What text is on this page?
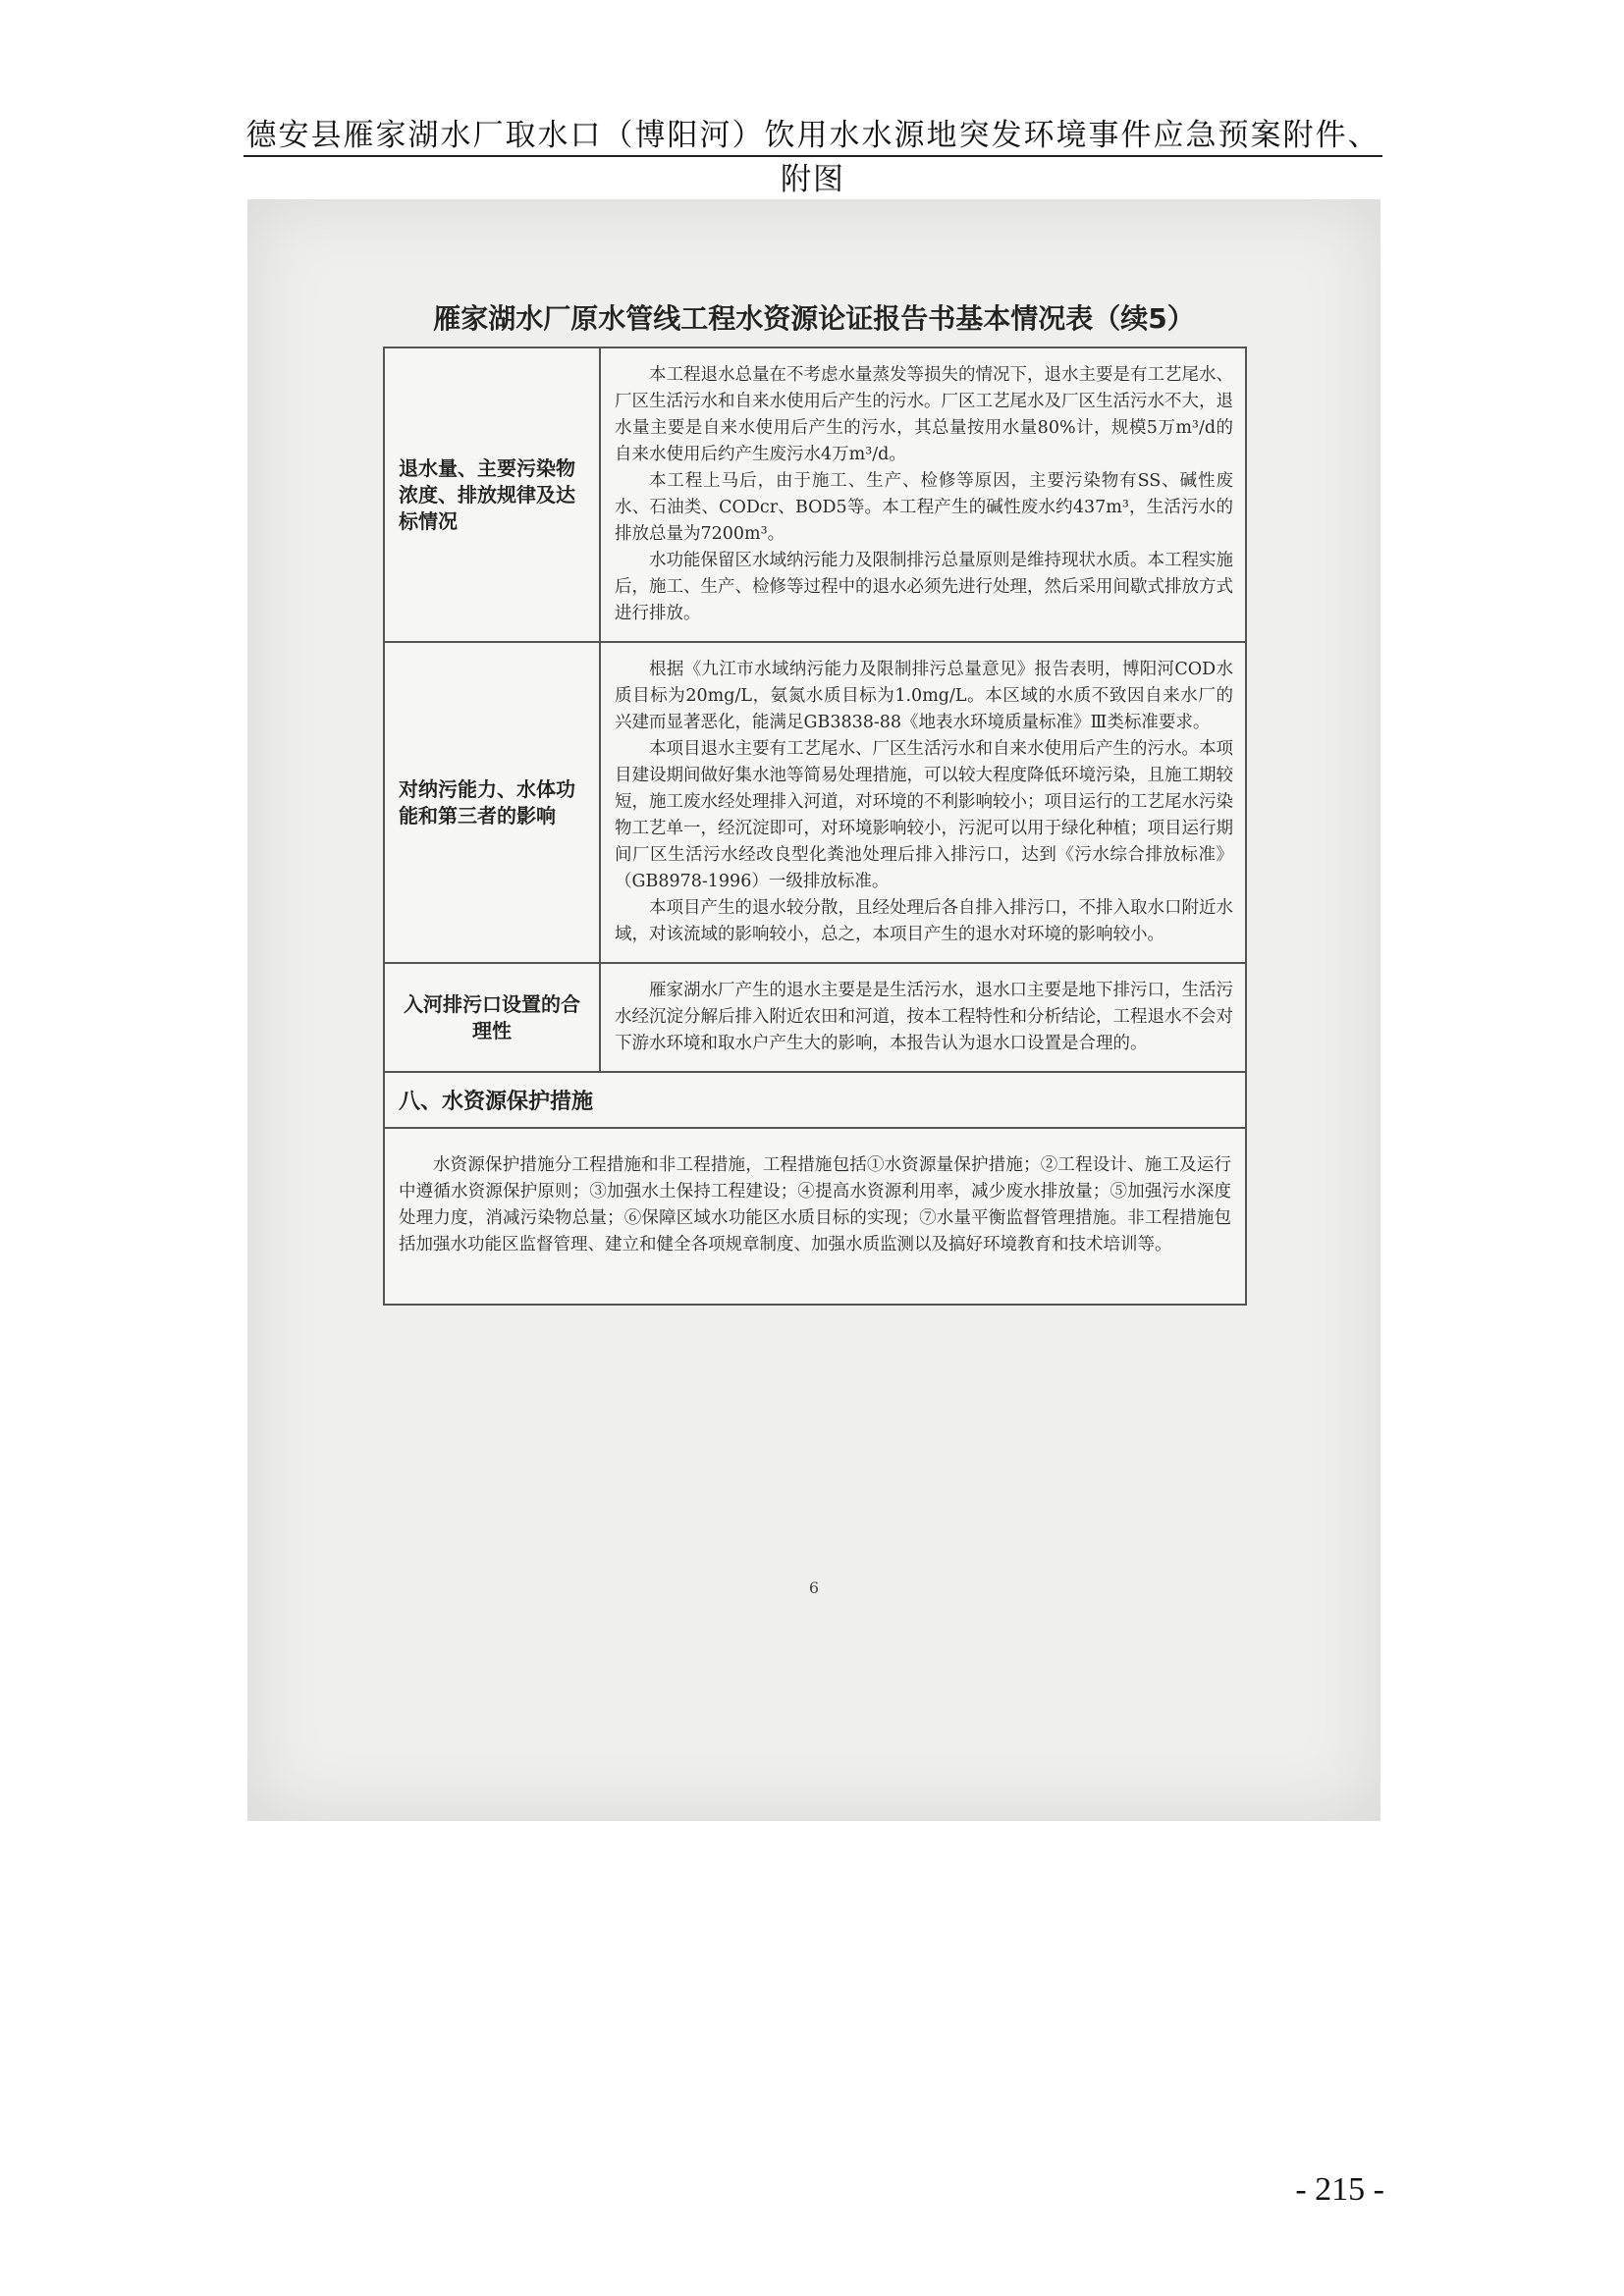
德安县雁家湖水厂取水口（博阳河）饮用水水源地突发环境事件应急预案附件、附图
雁家湖水厂原水管线工程水资源论证报告书基本情况表（续5）
退水量、主要污染物浓度、排放规律及达标情况

本工程退水总量在不考虑水量蒸发等损失的情况下，退水主要是有工艺尾水、厂区生活污水和自来水使用后产生的污水。厂区工艺尾水及厂区生活污水不大，退水量主要是自来水使用后产生的污水，其总量按用水量80%计，规模5万m³/d的自来水使用后约产生废污水4万m³/d。

本工程上马后，由于施工、生产、检修等原因，主要污染物有SS、碱性废水、石油类、CODcr、BOD5等。本工程产生的碱性废水约437m³，生活污水的排放总量为7200m³。

水功能保留区水域纳污能力及限制排污总量原则是维持现状水质。本工程实施后，施工、生产、检修等过程中的退水必须先进行处理，然后采用间歇式排放方式进行排放。

对纳污能力、水体功能和第三者的影响

根据《九江市水域纳污能力及限制排污总量意见》报告表明，博阳河COD水质目标为20mg/L，氨氮水质目标为1.0mg/L。本区域的水质不致因自来水厂的兴建而显著恶化，能满足GB3838-88《地表水环境质量标准》Ⅲ类标准要求。

本项目退水主要有工艺尾水、厂区生活污水和自来水使用后产生的污水。本项目建设期间做好集水池等简易处理措施，可以较大程度降低环境污染，且施工期较短，施工废水经处理排入河道，对环境的不利影响较小；项目运行的工艺尾水污染物工艺单一，经沉淀即可，对环境影响较小，污泥可以用于绿化种植；项目运行期间厂区生活污水经改良型化粪池处理后排入排污口，达到《污水综合排放标准》（GB8978-1996）一级排放标准。

本项目产生的退水较分散，且经处理后各自排入排污口，不排入取水口附近水域，对该流域的影响较小，总之，本项目产生的退水对环境的影响较小。

入河排污口设置的合理性

雁家湖水厂产生的退水主要是是生活污水，退水口主要是地下排污口，生活污水经沉淀分解后排入附近农田和河道，按本工程特性和分析结论，工程退水不会对下游水环境和取水户产生大的影响，本报告认为退水口设置是合理的。

八、水资源保护措施

水资源保护措施分工程措施和非工程措施，工程措施包括①水资源量保护措施；②工程设计、施工及运行中遵循水资源保护原则；③加强水土保持工程建设；④提高水资源利用率，减少废水排放量；⑤加强污水深度处理力度，消减污染物总量；⑥保障区域水功能区水质目标的实现；⑦水量平衡监督管理措施。非工程措施包括加强水功能区监督管理、建立和健全各项规章制度、加强水质监测以及搞好环境教育和技术培训等。

6
- 215 -
